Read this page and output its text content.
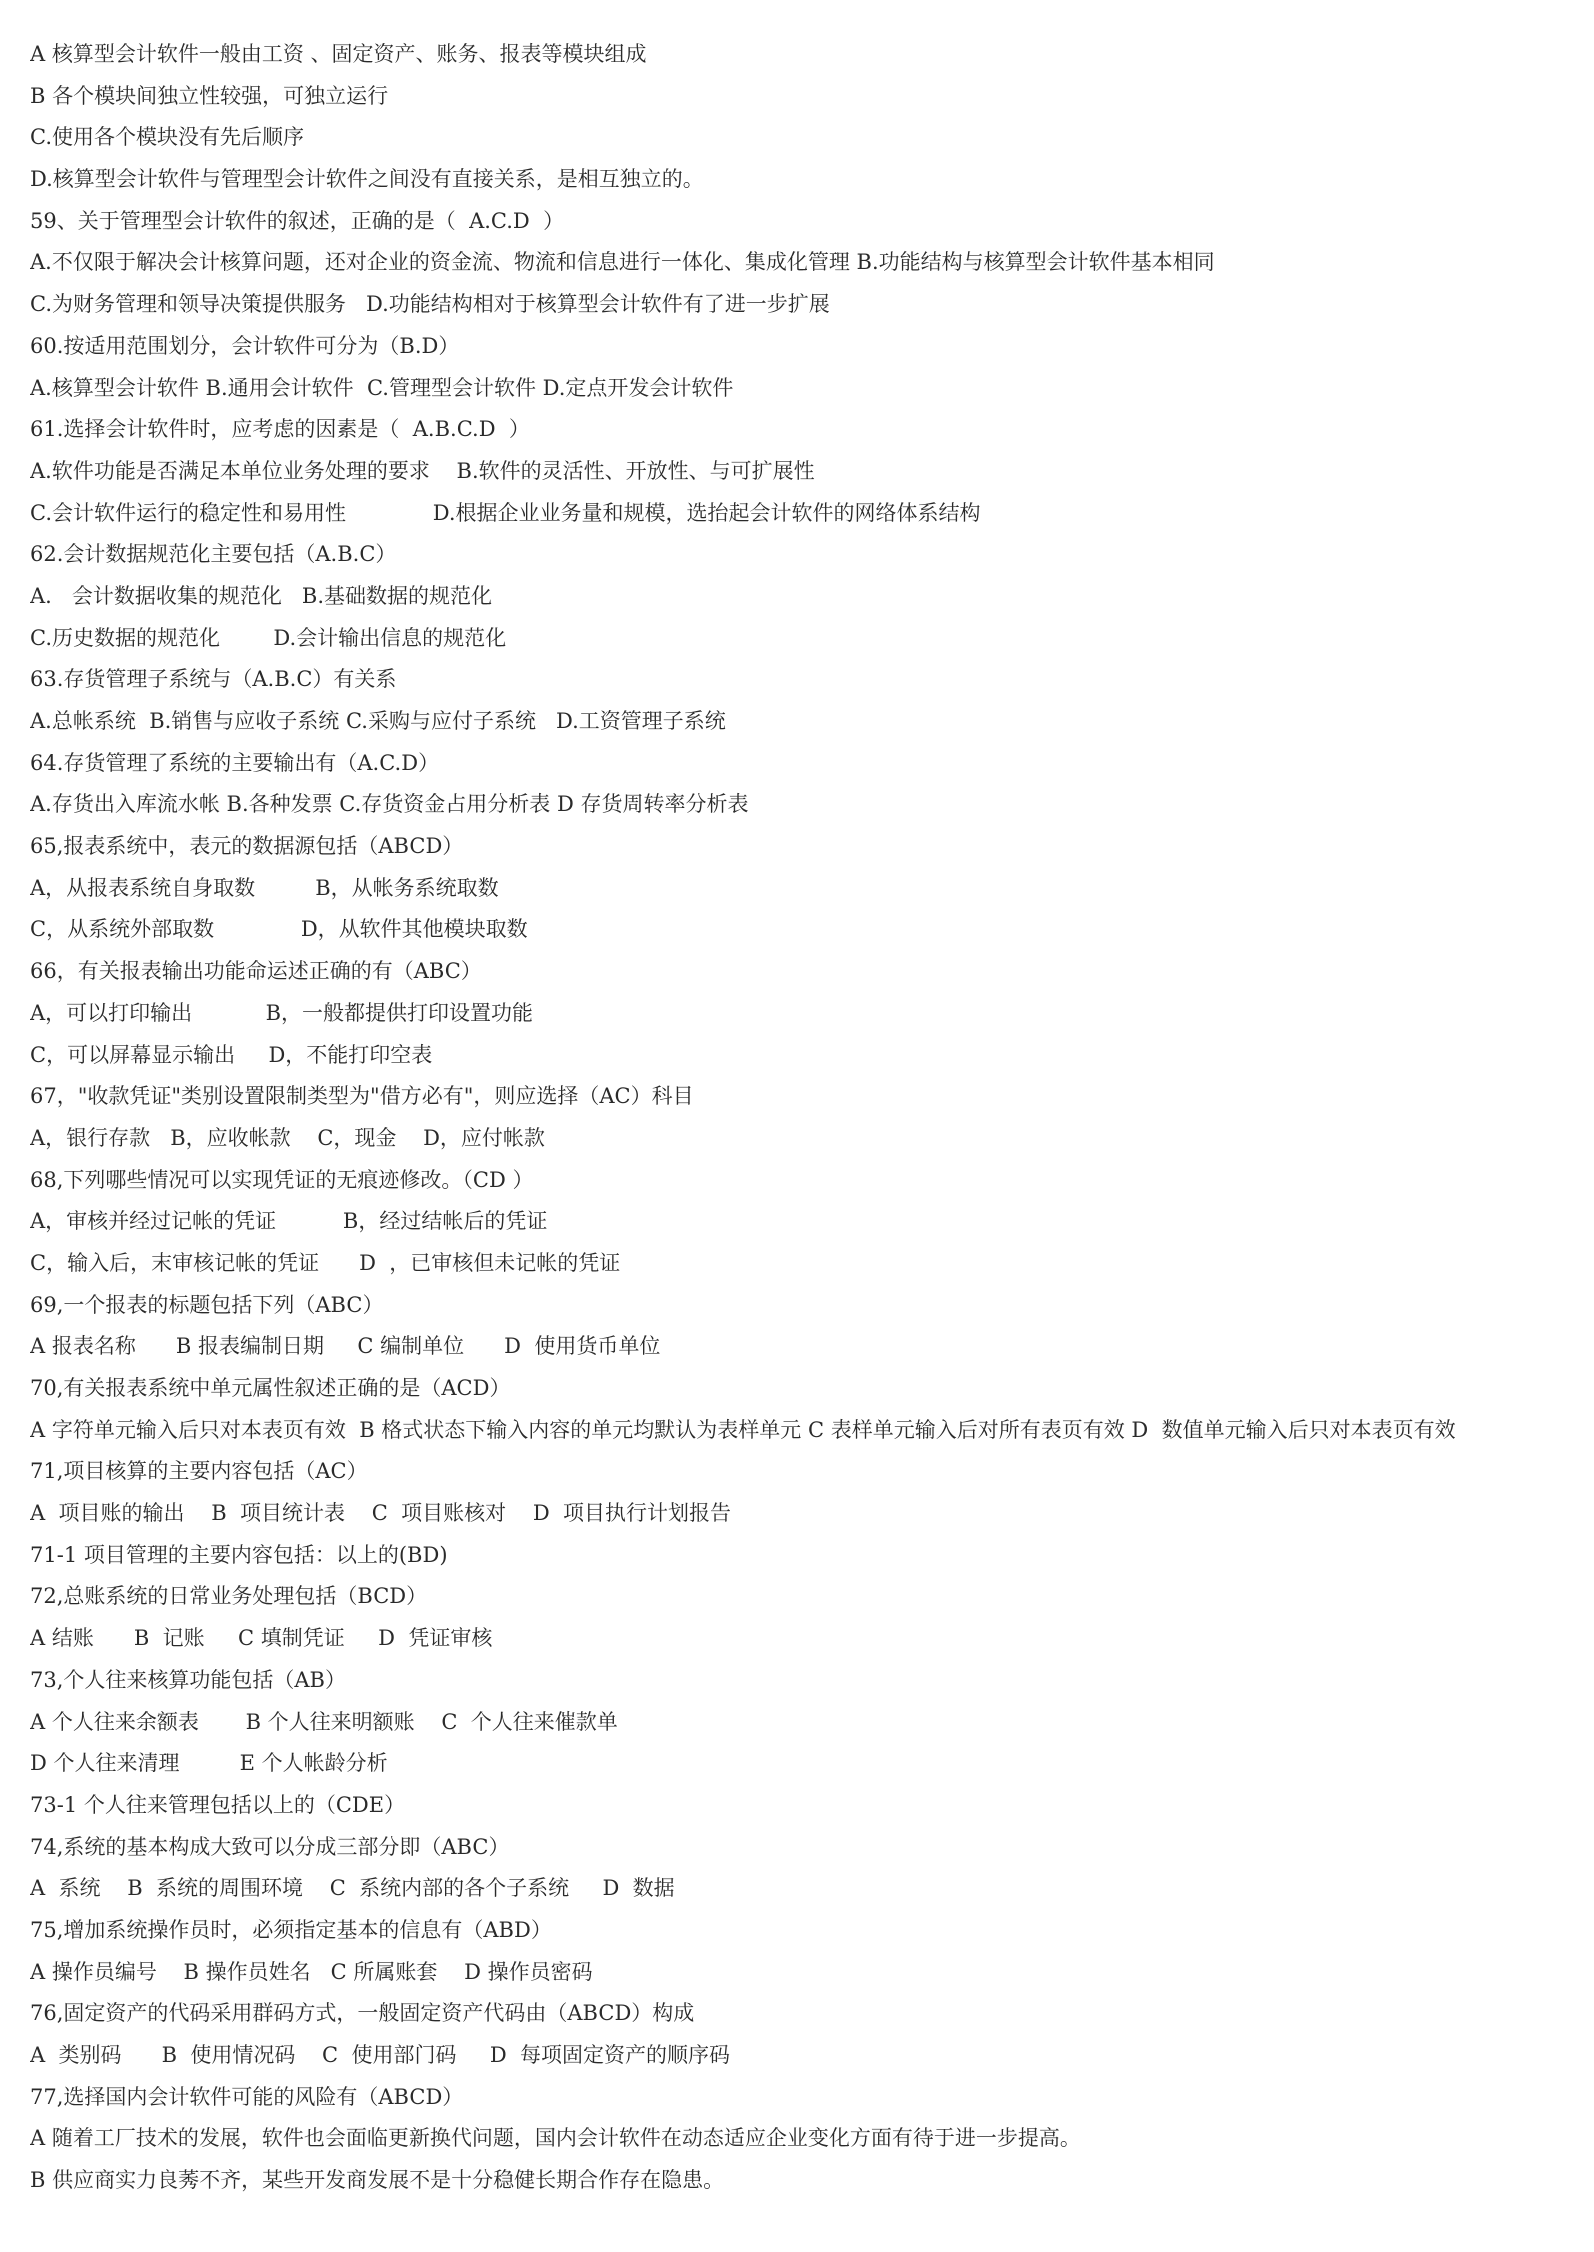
A 核算型会计软件一般由工资 、固定资产、账务、报表等模块组成
B 各个模块间独立性较强，可独立运行
C.使用各个模块没有先后顺序
D.核算型会计软件与管理型会计软件之间没有直接关系，是相互独立的。
59、关于管理型会计软件的叙述，正确的是（  A.C.D  ）
A.不仅限于解决会计核算问题，还对企业的资金流、物流和信息进行一体化、集成化管理 B.功能结构与核算型会计软件基本相同
C.为财务管理和领导决策提供服务   D.功能结构相对于核算型会计软件有了进一步扩展
60.按适用范围划分，会计软件可分为（B.D）
A.核算型会计软件 B.通用会计软件  C.管理型会计软件 D.定点开发会计软件
61.选择会计软件时，应考虑的因素是（  A.B.C.D  ）
A.软件功能是否满足本单位业务处理的要求    B.软件的灵活性、开放性、与可扩展性
C.会计软件运行的稳定性和易用性             D.根据企业业务量和规模，选抬起会计软件的网络体系结构
62.会计数据规范化主要包括（A.B.C）
A.   会计数据收集的规范化   B.基础数据的规范化
C.历史数据的规范化        D.会计输出信息的规范化
63.存货管理子系统与（A.B.C）有关系
A.总帐系统  B.销售与应收子系统 C.采购与应付子系统   D.工资管理子系统
64.存货管理了系统的主要输出有（A.C.D）
A.存货出入库流水帐 B.各种发票 C.存货资金占用分析表 D 存货周转率分析表
65,报表系统中，表元的数据源包括（ABCD）
A，从报表系统自身取数         B，从帐务系统取数
C，从系统外部取数             D，从软件其他模块取数
66，有关报表输出功能命运述正确的有（ABC）
A，可以打印输出           B，一般都提供打印设置功能
C，可以屏幕显示输出     D，不能打印空表
67，"收款凭证"类别设置限制类型为"借方必有"，则应选择（AC）科目
A，银行存款   B，应收帐款    C，现金    D，应付帐款
68,下列哪些情况可以实现凭证的无痕迹修改。（CD ）
A，审核并经过记帐的凭证          B，经过结帐后的凭证
C，输入后，末审核记帐的凭证      D  ，已审核但未记帐的凭证
69,一个报表的标题包括下列（ABC）
A 报表名称      B 报表编制日期     C 编制单位      D  使用货币单位
70,有关报表系统中单元属性叙述正确的是（ACD）
A 字符单元输入后只对本表页有效  B 格式状态下输入内容的单元均默认为表样单元 C 表样单元输入后对所有表页有效 D  数值单元输入后只对本表页有效
71,项目核算的主要内容包括（AC）
A  项目账的输出    B  项目统计表    C  项目账核对    D  项目执行计划报告
71-1 项目管理的主要内容包括：以上的(BD)
72,总账系统的日常业务处理包括（BCD）
A 结账      B  记账     C 填制凭证     D  凭证审核
73,个人往来核算功能包括（AB）
A 个人往来余额表       B 个人往来明额账    C  个人往来催款单
D 个人往来清理         E 个人帐龄分析
73-1 个人往来管理包括以上的（CDE）
74,系统的基本构成大致可以分成三部分即（ABC）
A  系统    B  系统的周围环境    C  系统内部的各个子系统     D  数据
75,增加系统操作员时，必须指定基本的信息有（ABD）
A 操作员编号    B 操作员姓名   C 所属账套    D 操作员密码
76,固定资产的代码采用群码方式，一般固定资产代码由（ABCD）构成
A  类别码      B  使用情况码    C  使用部门码     D  每项固定资产的顺序码
77,选择国内会计软件可能的风险有（ABCD）
A 随着工厂技术的发展，软件也会面临更新换代问题，国内会计软件在动态适应企业变化方面有待于进一步提高。
B 供应商实力良莠不齐，某些开发商发展不是十分稳健长期合作存在隐患。
